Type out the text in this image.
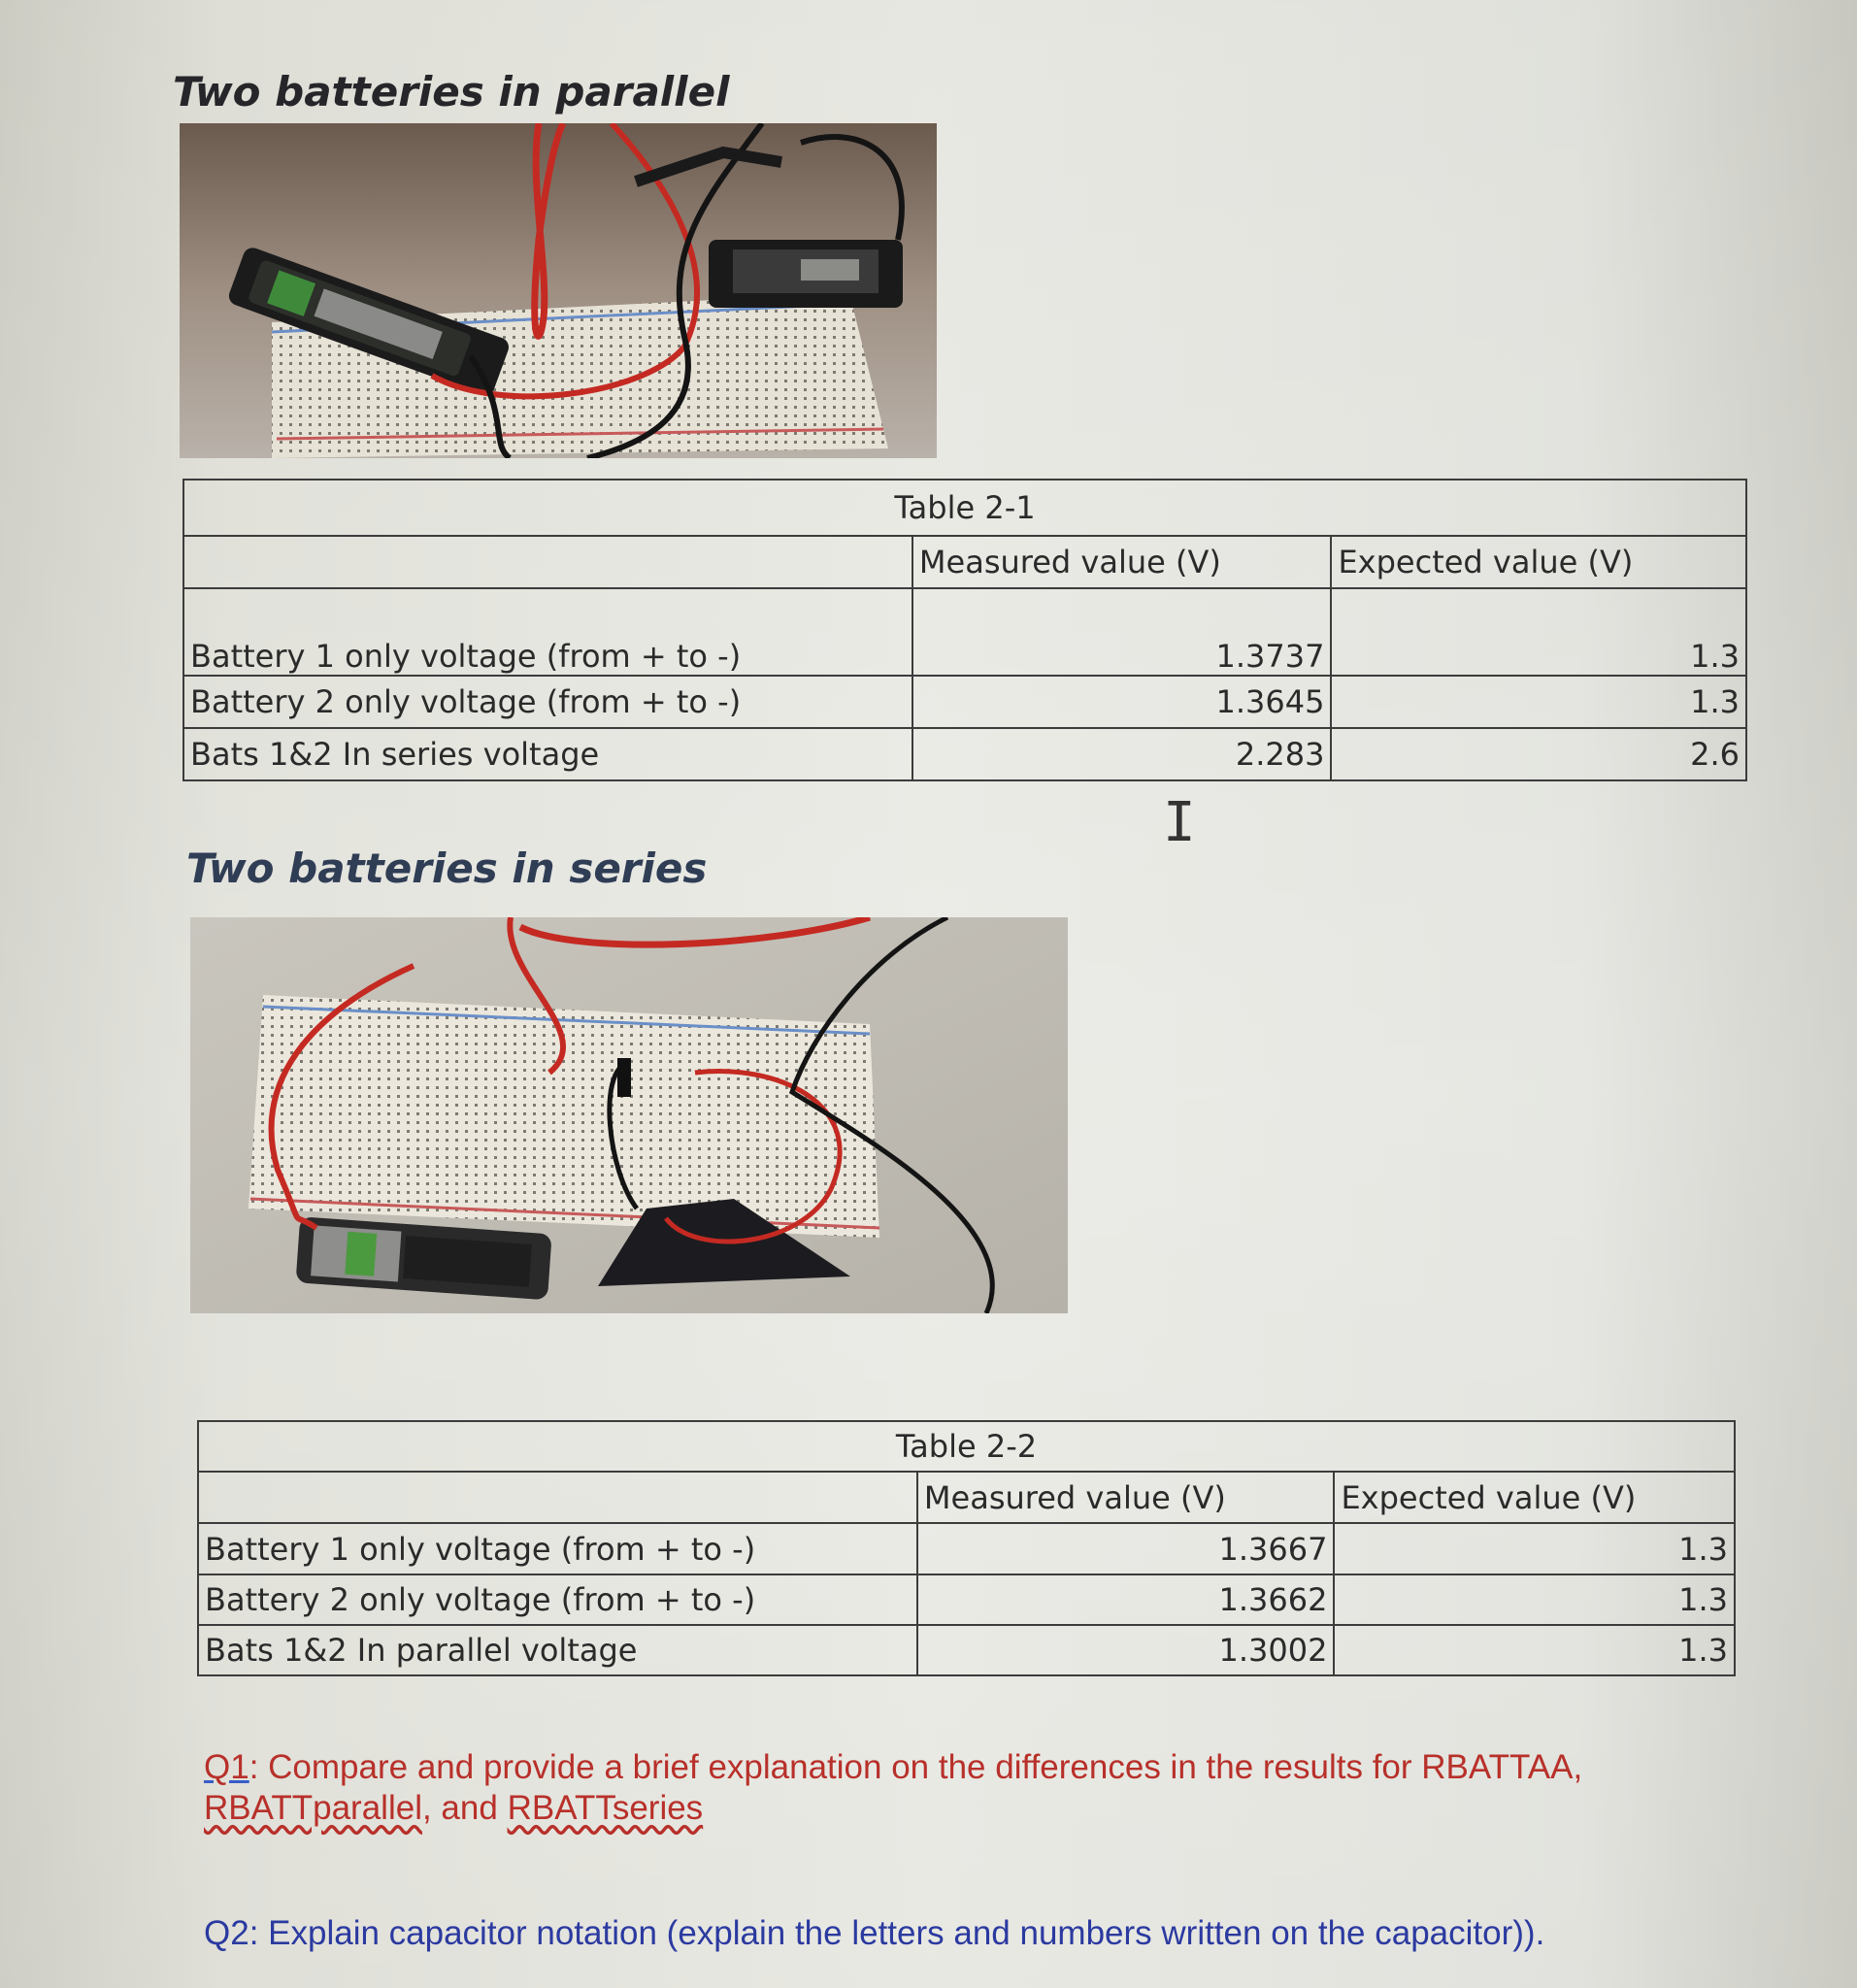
Two batteries in parallel
Table 2-1		
	Measured value (V)	Expected value (V)
Battery 1 only voltage (from + to -)	1.3737	1.3
Battery 2 only voltage (from + to -)	1.3645	1.3
Bats 1&2 In series voltage	2.283	2.6
I
Two batteries in series
Table 2-2		
	Measured value (V)	Expected value (V)
Battery 1 only voltage (from + to -)	1.3667	1.3
Battery 2 only voltage (from + to -)	1.3662	1.3
Bats 1&2 In parallel voltage	1.3002	1.3
Q1: Compare and provide a brief explanation on the differences in the results for RBATTAA,
RBATTparallel, and RBATTseries
Q2: Explain capacitor notation (explain the letters and numbers written on the capacitor)).
